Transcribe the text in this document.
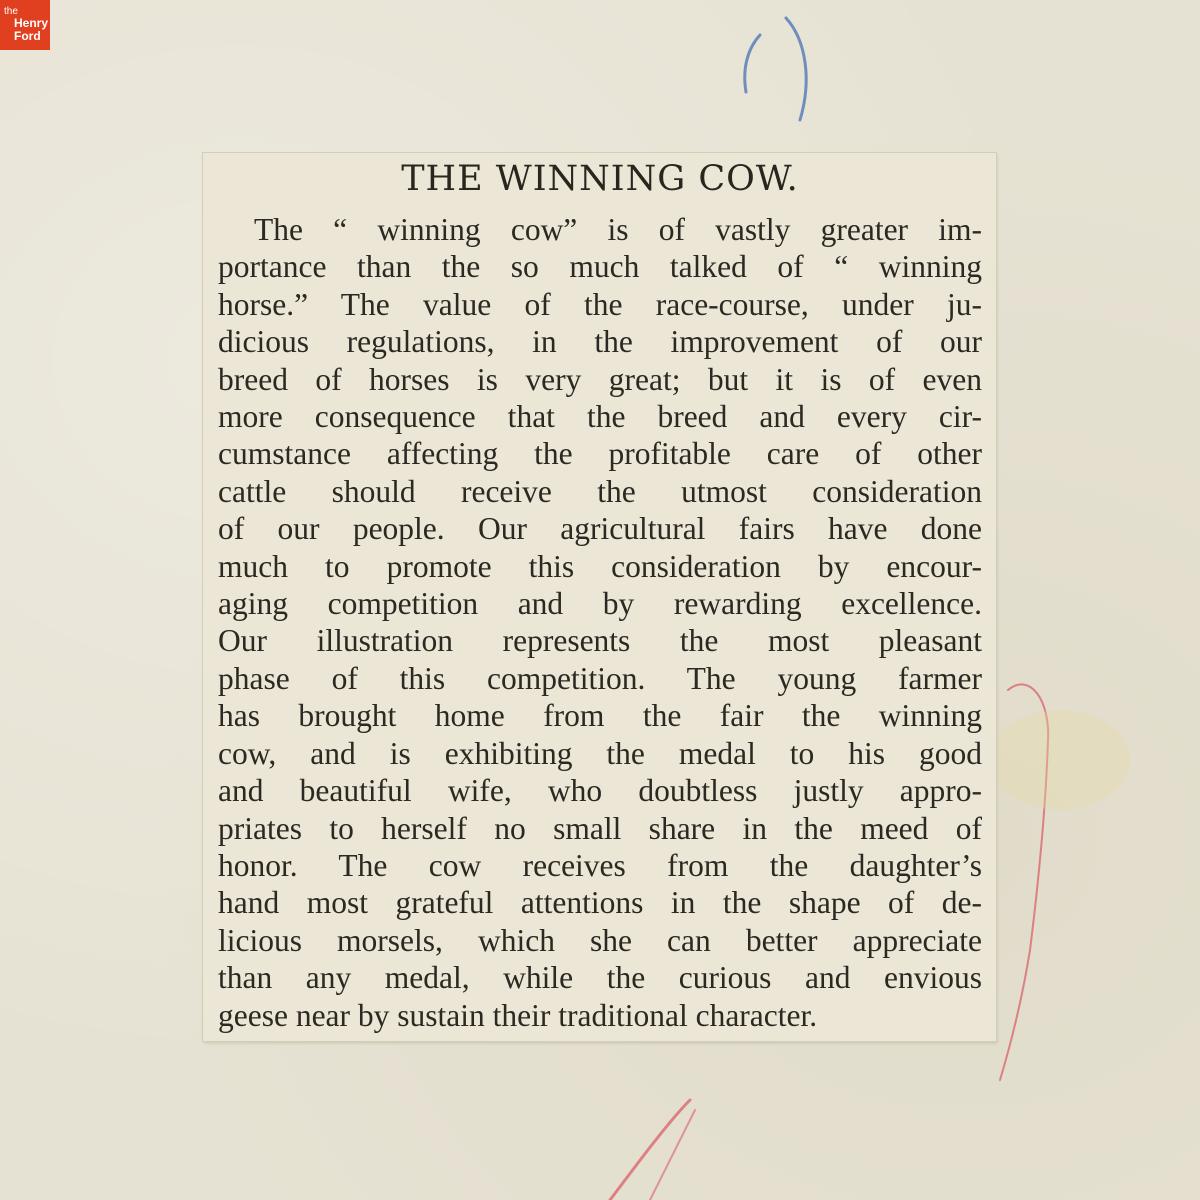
the
Henry
Ford
THE WINNING COW.
The “ winning cow” is of vastly greater im-
portance than the so much talked of “ winning
horse.” The value of the race-course, under ju-
dicious regulations, in the improvement of our
breed of horses is very great; but it is of even
more consequence that the breed and every cir-
cumstance affecting the profitable care of other
cattle should receive the utmost consideration
of our people. Our agricultural fairs have done
much to promote this consideration by encour-
aging competition and by rewarding excellence.
Our illustration represents the most pleasant
phase of this competition. The young farmer
has brought home from the fair the winning
cow, and is exhibiting the medal to his good
and beautiful wife, who doubtless justly appro-
priates to herself no small share in the meed of
honor. The cow receives from the daughter’s
hand most grateful attentions in the shape of de-
licious morsels, which she can better appreciate
than any medal, while the curious and envious
geese near by sustain their traditional character.
